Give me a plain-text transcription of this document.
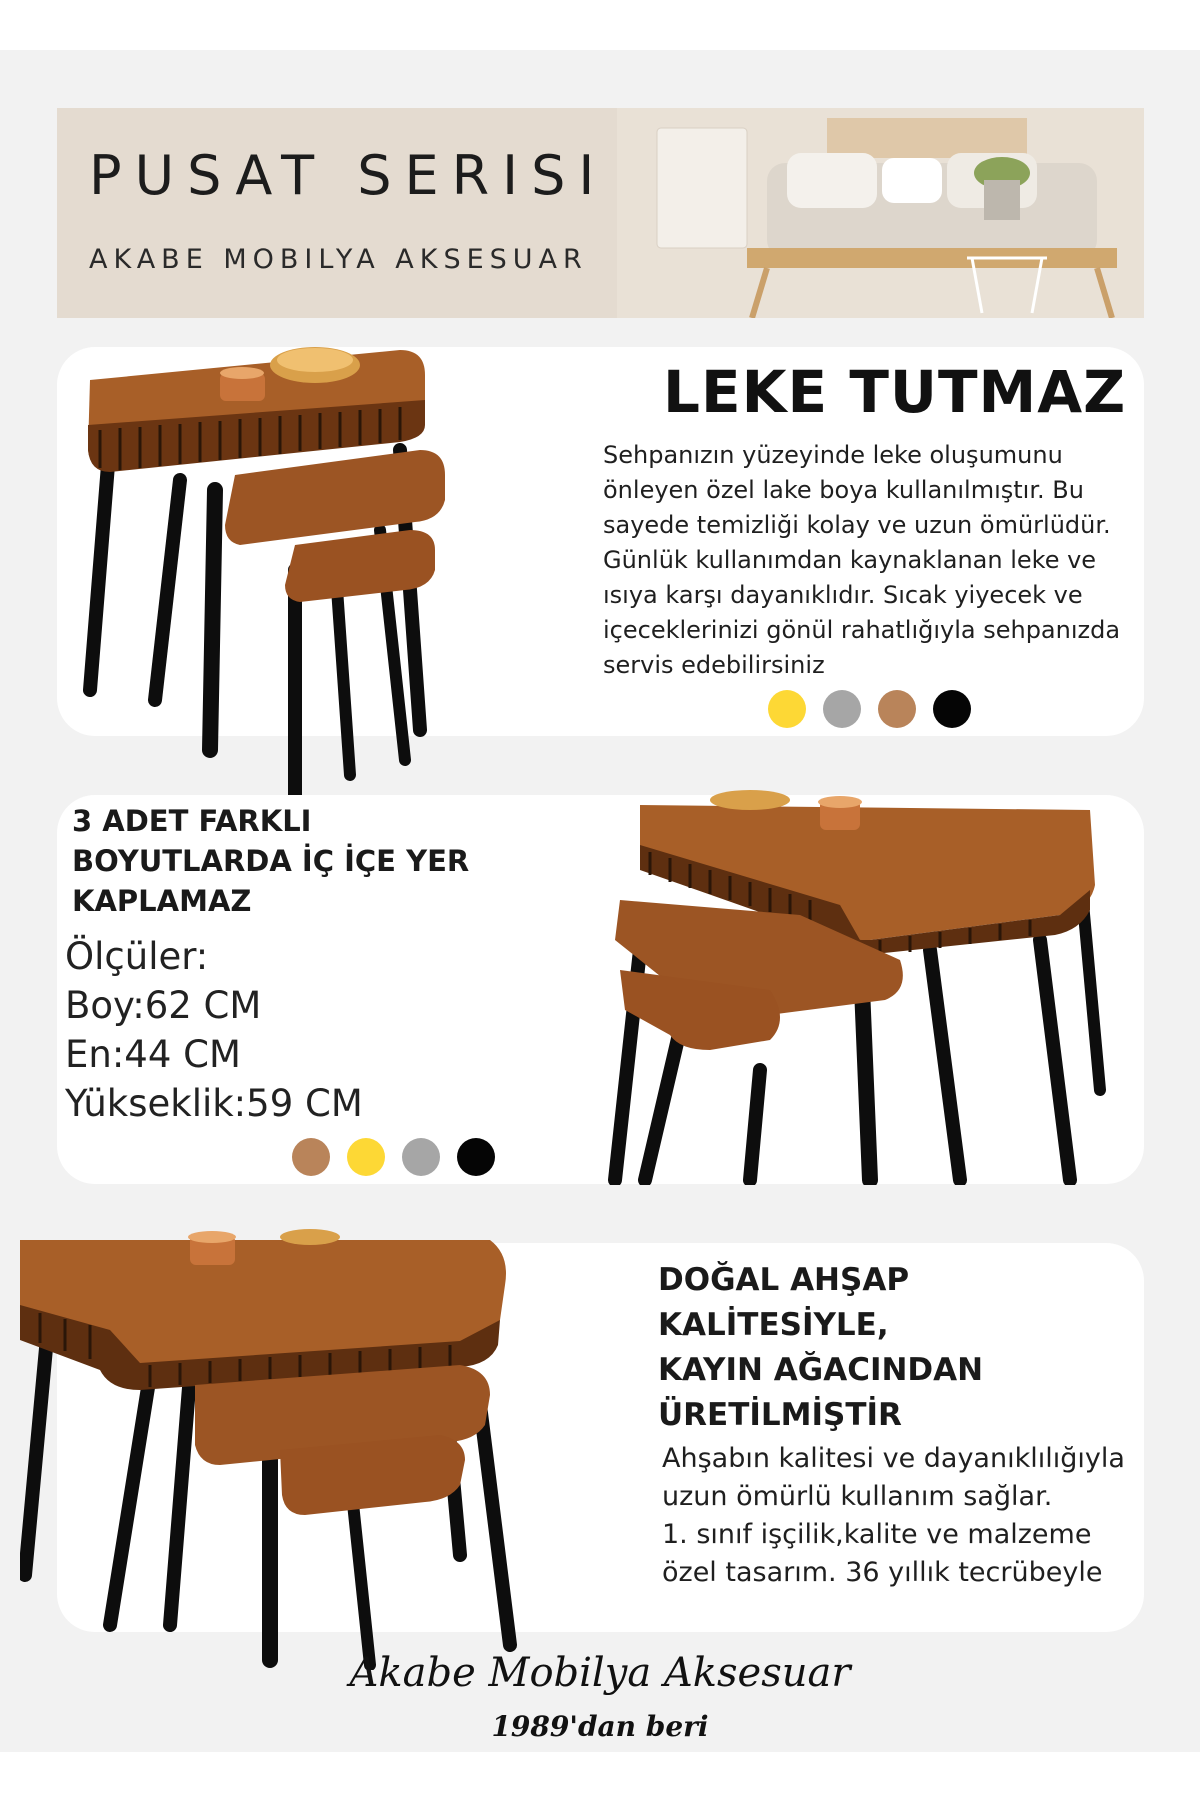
PUSAT SERISI
AKABE MOBILYA AKSESUAR
LEKE TUTMAZ
Sehpanızın yüzeyinde leke oluşumunu önleyen özel lake boya kullanılmıştır. Bu sayede temizliği kolay ve uzun ömürlüdür. Günlük kullanımdan kaynaklanan leke ve ısıya karşı dayanıklıdır. Sıcak yiyecek ve içeceklerinizi gönül rahatlığıyla sehpanızda servis edebilirsiniz
3 ADET FARKLI
BOYUTLARDA İÇ İÇE YER
KAPLAMAZ
Ölçüler:
Boy:62 CM
En:44 CM
Yükseklik:59 CM
DOĞAL AHŞAP
KALİTESİYLE,
KAYIN AĞACINDAN
ÜRETİLMİŞTİR
Ahşabın kalitesi ve dayanıklılığıyla
uzun ömürlü kullanım sağlar.
1. sınıf işçilik,kalite ve malzeme
özel tasarım. 36 yıllık tecrübeyle
Akabe Mobilya Aksesuar
1989'dan beri
